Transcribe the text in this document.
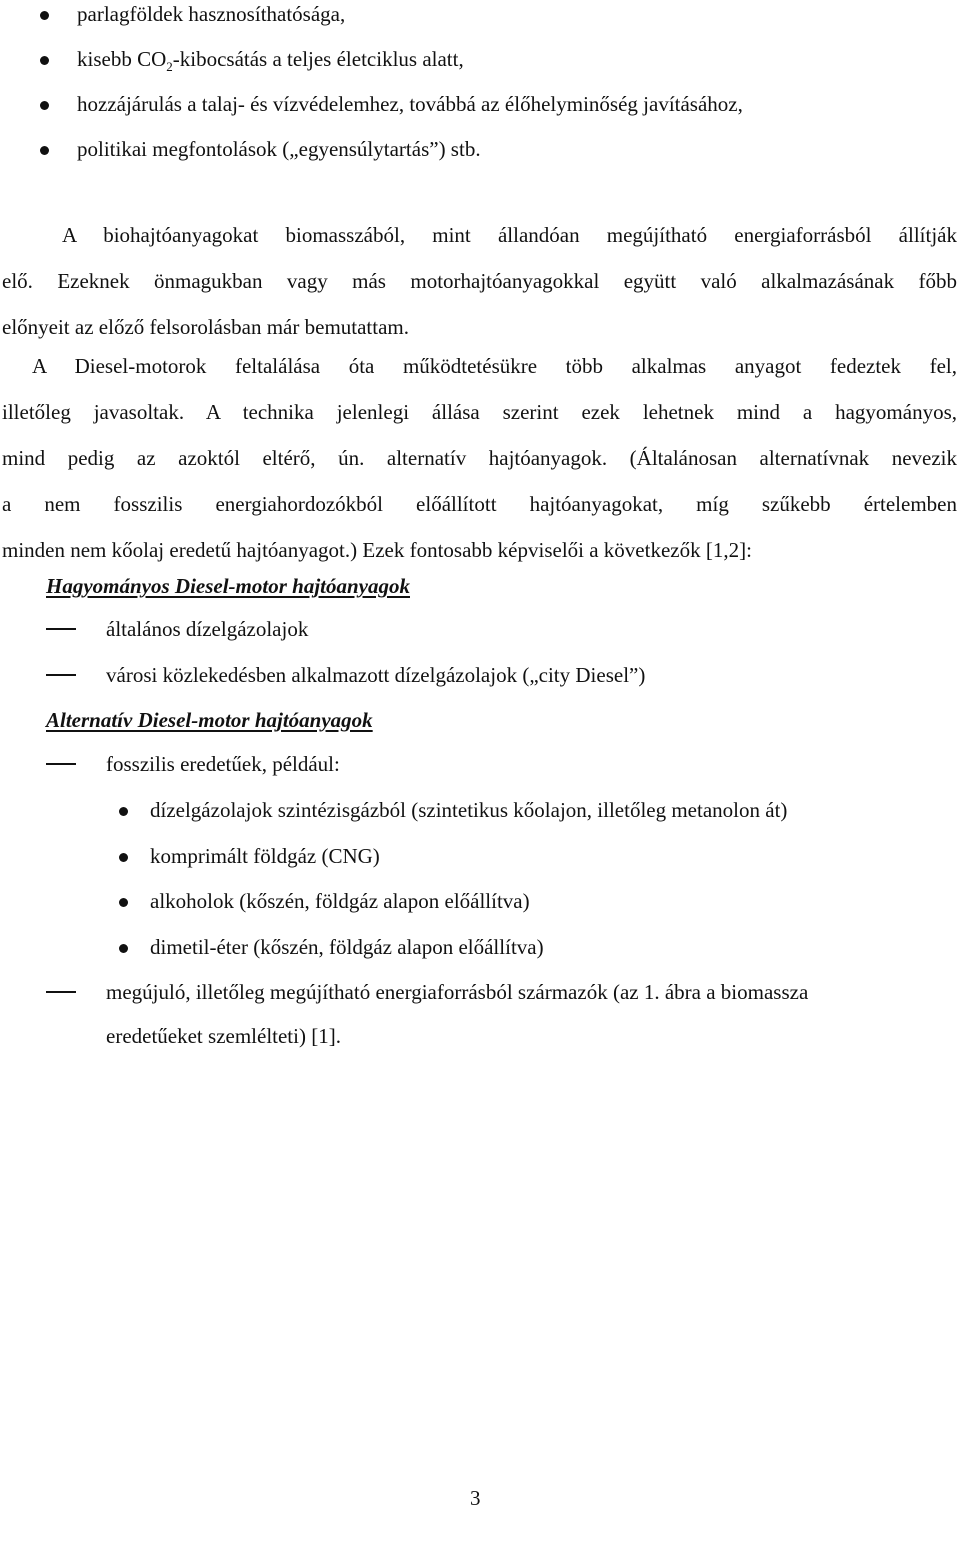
parlagföldek hasznosíthatósága,
kisebb $CO_2$-kibocsátás a teljes életciklus alatt,
hozzájárulás a talaj- és vízvédelemhez, továbbá az élőhelyminőség javításához,
politikai megfontolások („egyensúlytartás”) stb.
A biohajtóanyagokat biomasszából, mint állandóan megújítható energiaforrásból állítják
elő. Ezeknek önmagukban vagy más motorhajtóanyagokkal együtt való alkalmazásának főbb
előnyeit az előző felsorolásban már bemutattam.
A Diesel-motorok feltalálása óta működtetésükre több alkalmas anyagot fedeztek fel,
illetőleg javasoltak. A technika jelenlegi állása szerint ezek lehetnek mind a hagyományos,
mind pedig az azoktól eltérő, ún. alternatív hajtóanyagok. (Általánosan alternatívnak nevezik
a nem fosszilis energiahordozókból előállított hajtóanyagokat, míg szűkebb értelemben
minden nem kőolaj eredetű hajtóanyagot.) Ezek fontosabb képviselői a következők [1,2]:
Hagyományos Diesel-motor hajtóanyagok
általános dízelgázolajok
városi közlekedésben alkalmazott dízelgázolajok („city Diesel”)
Alternatív Diesel-motor hajtóanyagok
fosszilis eredetűek, például:
dízelgázolajok szintézisgázból (szintetikus kőolajon, illetőleg metanolon át)
komprimált földgáz (CNG)
alkoholok (kőszén, földgáz alapon előállítva)
dimetil-éter (kőszén, földgáz alapon előállítva)
megújuló, illetőleg megújítható energiaforrásból származók (az 1. ábra a biomassza
eredetűeket szemlélteti) [1].
3
